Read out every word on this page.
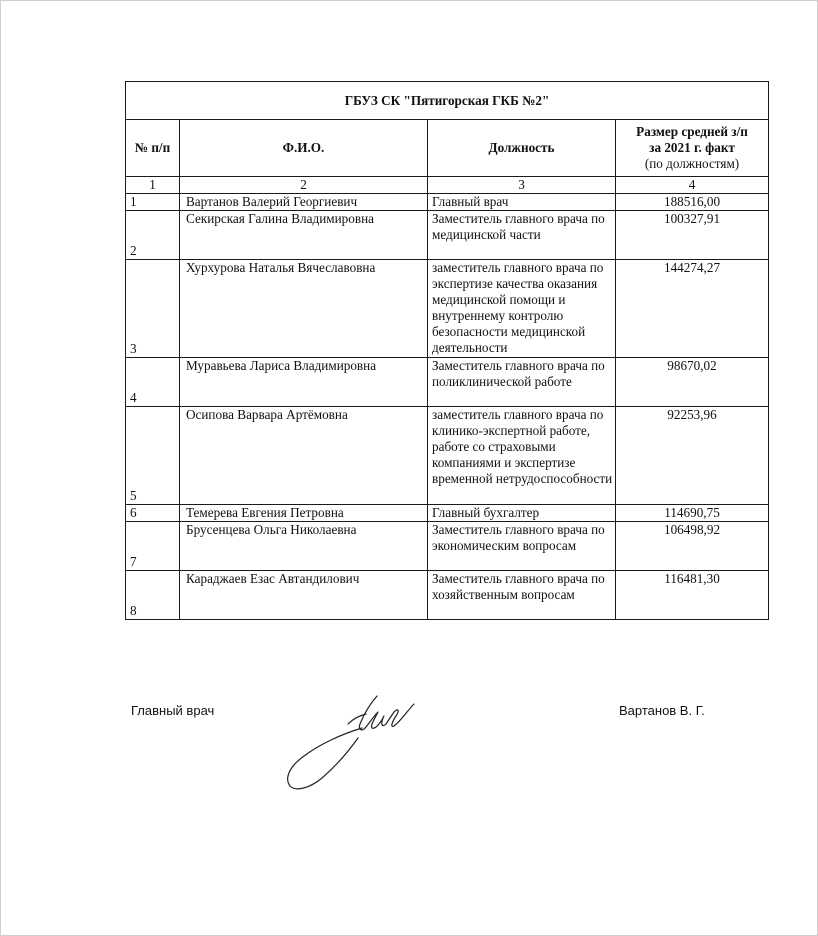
ГБУЗ СК "Пятигорская ГКБ №2"			
№ п/п	Ф.И.О.	Должность	Размер средней з/п
за 2021 г. факт
(по должностям)

1	2	3	4
1	Вартанов Валерий Георгиевич	Главный врач	188516,00
2	Секирская Галина Владимировна	Заместитель главного врача по медицинской части	100327,91
3	Хурхурова Наталья Вячеславовна	заместитель главного врача по экспертизе качества оказания медицинской помощи и внутреннему контролю безопасности медицинской деятельности	144274,27
4	Муравьева Лариса Владимировна	Заместитель главного врача по поликлинической работе	98670,02
5	Осипова Варвара Артёмовна	заместитель главного врача по клинико-экспертной работе, работе со страховыми компаниями и экспертизе временной нетрудоспособности	92253,96
6	Темерева Евгения Петровна	Главный бухгалтер	114690,75
7	Брусенцева Ольга Николаевна	Заместитель главного врача по экономическим вопросам	106498,92
8	Караджаев Езас Автандилович	Заместитель главного врача по хозяйственным вопросам	116481,30
Главный врач	Вартанов В. Г.
